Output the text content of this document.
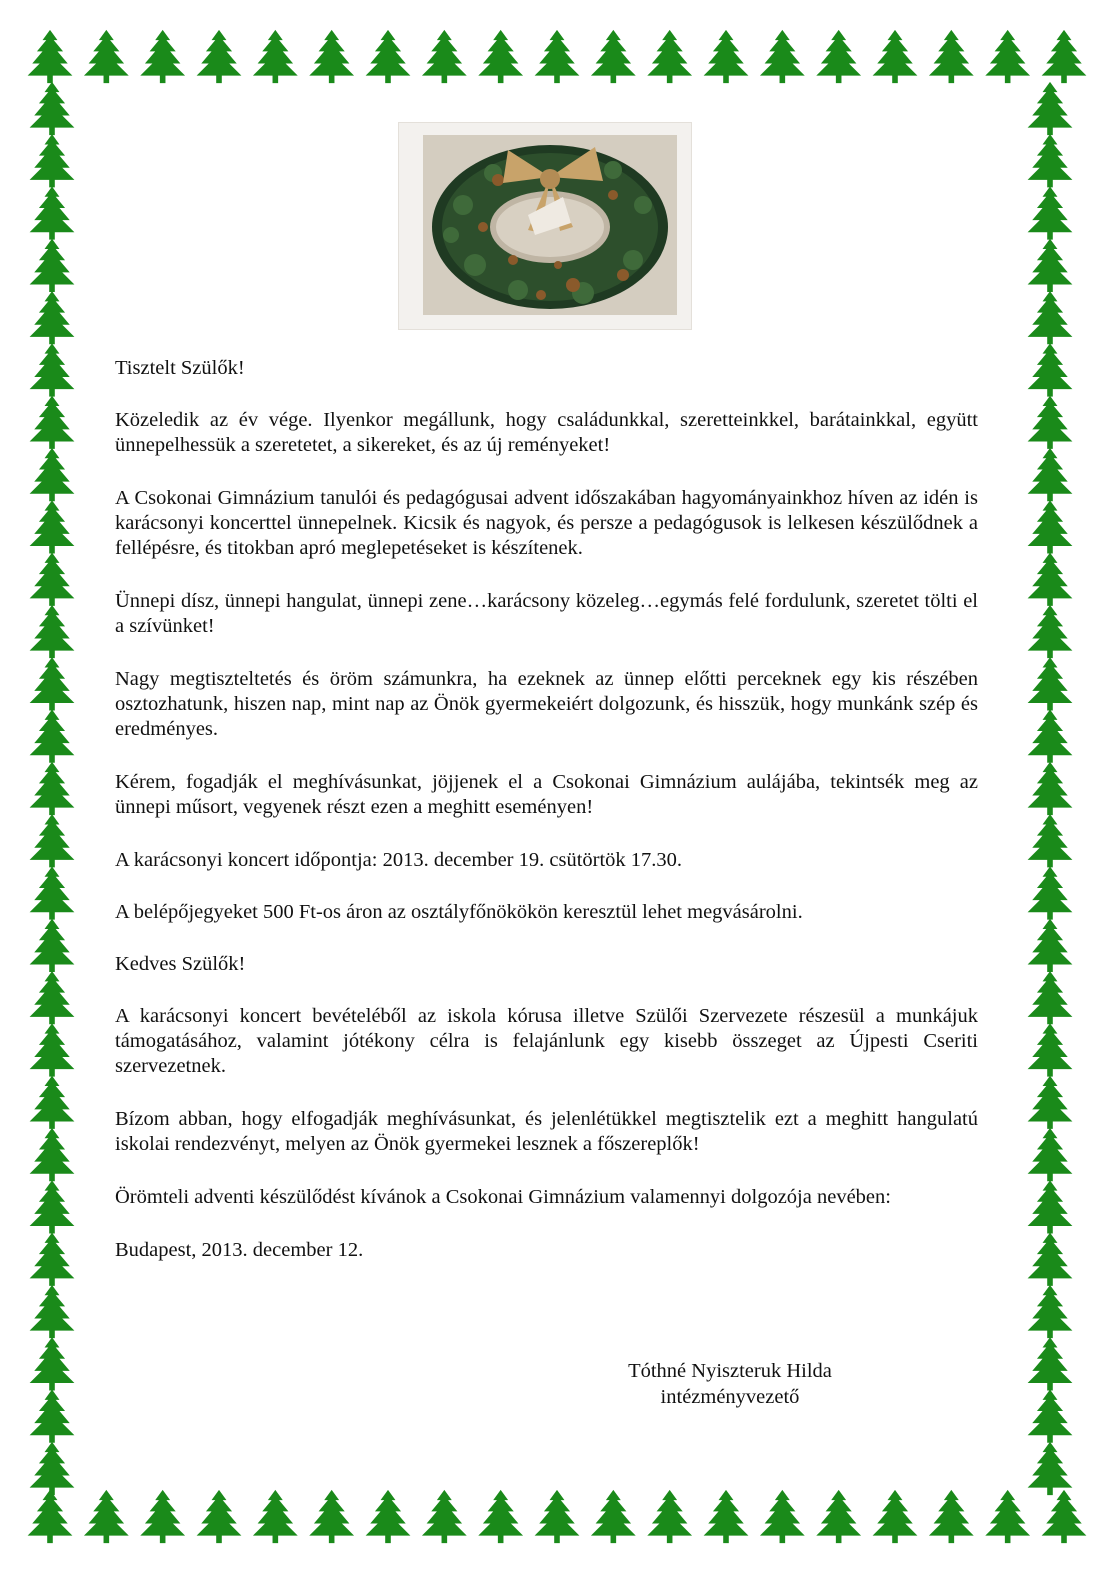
Tisztelt Szülők!

Közeledik az év vége. Ilyenkor megállunk, hogy családunkkal, szeretteinkkel, barátainkkal, együtt ünnepelhessük a szeretetet, a sikereket, és az új reményeket!

A Csokonai Gimnázium tanulói és pedagógusai advent időszakában hagyományainkhoz híven az idén is karácsonyi koncerttel ünnepelnek. Kicsik és nagyok, és persze a pedagógusok is lelkesen készülődnek a fellépésre, és titokban apró meglepetéseket is készítenek.

Ünnepi dísz, ünnepi hangulat, ünnepi zene…karácsony közeleg…egymás felé fordulunk, szeretet tölti el a szívünket!

Nagy megtiszteltetés és öröm számunkra, ha ezeknek az ünnep előtti perceknek egy kis részében osztozhatunk, hiszen nap, mint nap az Önök gyermekeiért dolgozunk, és hisszük, hogy munkánk szép és eredményes.

Kérem, fogadják el meghívásunkat, jöjjenek el a Csokonai Gimnázium aulájába, tekintsék meg az ünnepi műsort, vegyenek részt ezen a meghitt eseményen!

A karácsonyi koncert időpontja: 2013. december 19. csütörtök 17.30.

A belépőjegyeket 500 Ft-os áron az osztályfőnökökön keresztül lehet megvásárolni.

Kedves Szülők!

A karácsonyi koncert bevételéből az iskola kórusa illetve Szülői Szervezete részesül a munkájuk támogatásához, valamint jótékony célra is felajánlunk egy kisebb összeget az Újpesti Cseriti szervezetnek.

Bízom abban, hogy elfogadják meghívásunkat, és jelenlétükkel megtisztelik ezt a meghitt hangulatú iskolai rendezvényt, melyen az Önök gyermekei lesznek a főszereplők!

Örömteli adventi készülődést kívánok a Csokonai Gimnázium valamennyi dolgozója nevében:

Budapest, 2013. december 12.

Tóthné Nyiszteruk Hilda
intézményvezető
